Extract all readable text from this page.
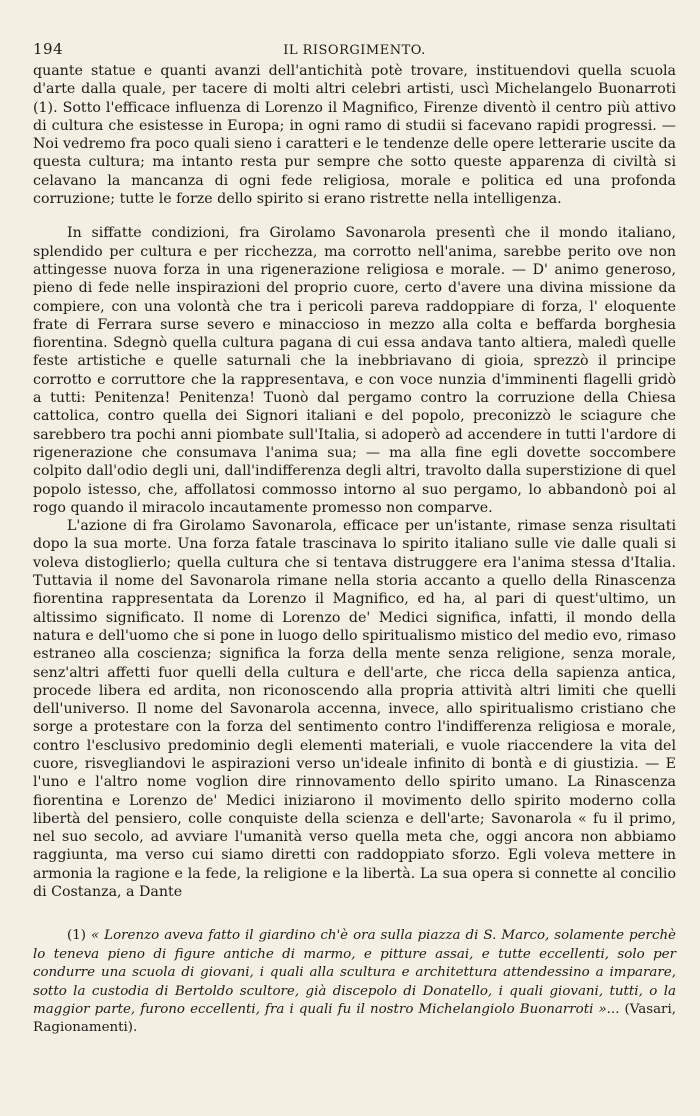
194	IL RISORGIMENTO.

quante statue e quanti avanzi dell'antichità potè trovare, instituendovi quella scuola d'arte dalla quale, per tacere di molti altri celebri artisti, uscì Michelangelo Buonarroti (1). Sotto l'efficace influenza di Lorenzo il Magnifico, Firenze diventò il centro più attivo di cultura che esistesse in Europa; in ogni ramo di studii si facevano rapidi progressi. — Noi vedremo fra poco quali sieno i caratteri e le tendenze delle opere letterarie uscite da questa cultura; ma intanto resta pur sempre che sotto queste apparenza di civiltà si celavano la mancanza di ogni fede religiosa, morale e politica ed una profonda corruzione; tutte le forze dello spirito si erano ristrette nella intelligenza.

In siffatte condizioni, fra Girolamo Savonarola presentì che il mondo italiano, splendido per cultura e per ricchezza, ma corrotto nell'anima, sarebbe perito ove non attingesse nuova forza in una rigenerazione religiosa e morale. — D' animo generoso, pieno di fede nelle inspirazioni del proprio cuore, certo d'avere una divina missione da compiere, con una volontà che tra i pericoli pareva raddoppiare di forza, l' eloquente frate di Ferrara surse severo e minaccioso in mezzo alla colta e beffarda borghesia fiorentina. Sdegnò quella cultura pagana di cui essa andava tanto altiera, maledì quelle feste artistiche e quelle saturnali che la inebbriavano di gioia, sprezzò il principe corrotto e corruttore che la rappresentava, e con voce nunzia d'imminenti flagelli gridò a tutti: Penitenza! Penitenza! Tuonò dal pergamo contro la corruzione della Chiesa cattolica, contro quella dei Signori italiani e del popolo, preconizzò le sciagure che sarebbero tra pochi anni piombate sull'Italia, si adoperò ad accendere in tutti l'ardore di rigenerazione che consumava l'anima sua; — ma alla fine egli dovette soccombere colpito dall'odio degli uni, dall'indifferenza degli altri, travolto dalla superstizione di quel popolo istesso, che, affollatosi commosso intorno al suo pergamo, lo abbandonò poi al rogo quando il miracolo incautamente promesso non comparve.

L'azione di fra Girolamo Savonarola, efficace per un'istante, rimase senza risultati dopo la sua morte. Una forza fatale trascinava lo spirito italiano sulle vie dalle quali si voleva distoglierlo; quella cultura che si tentava distruggere era l'anima stessa d'Italia. Tuttavia il nome del Savonarola rimane nella storia accanto a quello della Rinascenza fiorentina rappresentata da Lorenzo il Magnifico, ed ha, al pari di quest'ultimo, un altissimo significato. Il nome di Lorenzo de' Medici significa, infatti, il mondo della natura e dell'uomo che si pone in luogo dello spiritualismo mistico del medio evo, rimaso estraneo alla coscienza; significa la forza della mente senza religione, senza morale, senz'altri affetti fuor quelli della cultura e dell'arte, che ricca della sapienza antica, procede libera ed ardita, non riconoscendo alla propria attività altri limiti che quelli dell'universo. Il nome del Savonarola accenna, invece, allo spiritualismo cristiano che sorge a protestare con la forza del sentimento contro l'indifferenza religiosa e morale, contro l'esclusivo predominio degli elementi materiali, e vuole riaccendere la vita del cuore, risvegliandovi le aspirazioni verso un'ideale infinito di bontà e di giustizia. — E l'uno e l'altro nome voglion dire rinnovamento dello spirito umano. La Rinascenza fiorentina e Lorenzo de' Medici iniziarono il movimento dello spirito moderno colla libertà del pensiero, colle conquiste della scienza e dell'arte; Savonarola « fu il primo, nel suo secolo, ad avviare l'umanità verso quella meta che, oggi ancora non abbiamo raggiunta, ma verso cui siamo diretti con raddoppiato sforzo. Egli voleva mettere in armonia la ragione e la fede, la religione e la libertà. La sua opera si connette al concilio di Costanza, a Dante

(1) « Lorenzo aveva fatto il giardino ch'è ora sulla piazza di S. Marco, solamente perchè lo teneva pieno di figure antiche di marmo, e pitture assai, e tutte eccellenti, solo per condurre una scuola di giovani, i quali alla scultura e architettura attendessino a imparare, sotto la custodia di Bertoldo scultore, già discepolo di Donatello, i quali giovani, tutti, o la maggior parte, furono eccellenti, fra i quali fu il nostro Michelangiolo Buonarroti »... (Vasari, Ragionamenti).
